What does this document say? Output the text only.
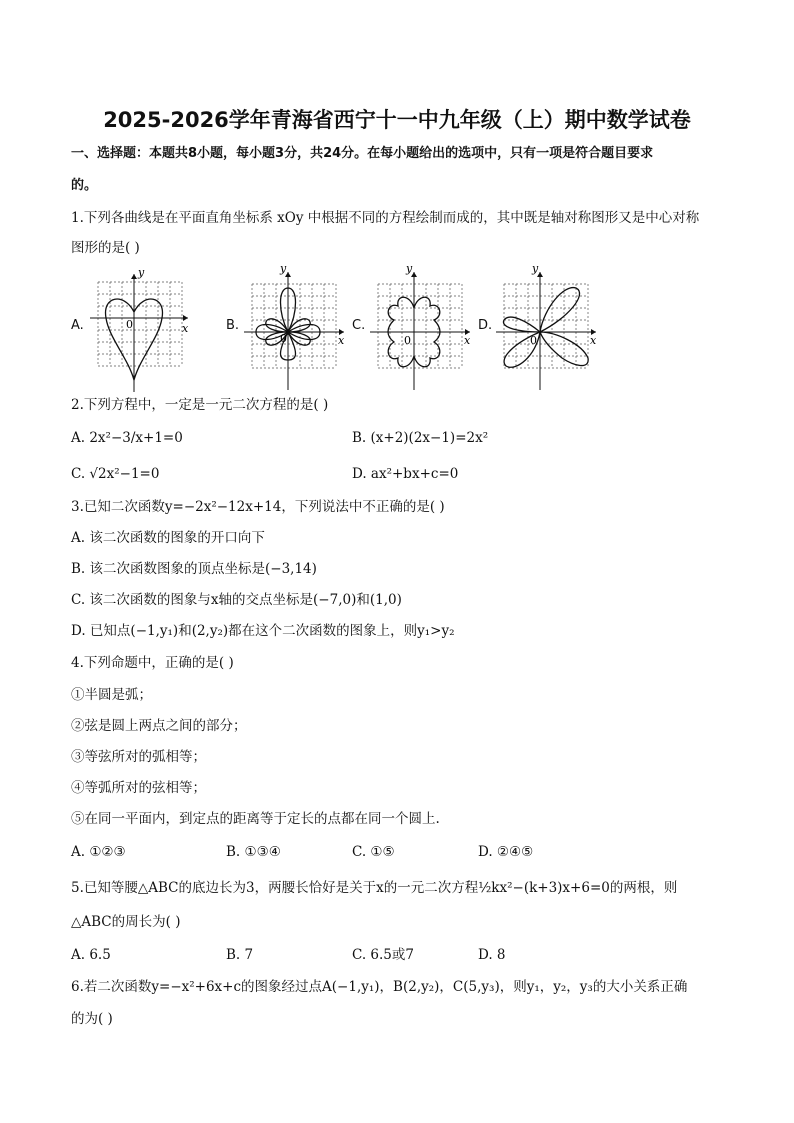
2025-2026学年青海省西宁十一中九年级（上）期中数学试卷
一、选择题：本题共8小题，每小题3分，共24分。在每小题给出的选项中，只有一项是符合题目要求
的。
1.下列各曲线是在平面直角坐标系 xOy 中根据不同的方程绘制而成的，其中既是轴对称图形又是中心对称
图形的是( )
A.
y
x
0	B.
y
x
0
C.
y
x
0
D.
y
x
0
2.下列方程中，一定是一元二次方程的是( )
A. 2x²−3/x+1=0	B. (x+2)(2x−1)=2x²
C. √2x²−1=0	D. ax²+bx+c=0
3.已知二次函数y=−2x²−12x+14，下列说法中不正确的是( )
A. 该二次函数的图象的开口向下
B. 该二次函数图象的顶点坐标是(−3,14)
C. 该二次函数的图象与x轴的交点坐标是(−7,0)和(1,0)
D. 已知点(−1,y₁)和(2,y₂)都在这个二次函数的图象上，则y₁>y₂
4.下列命题中，正确的是( )
①半圆是弧；
②弦是圆上两点之间的部分；
③等弦所对的弧相等；
④等弧所对的弦相等；
⑤在同一平面内，到定点的距离等于定长的点都在同一个圆上.
A. ①②③	B. ①③④	C. ①⑤	D. ②④⑤
5.已知等腰△ABC的底边长为3，两腰长恰好是关于x的一元二次方程½kx²−(k+3)x+6=0的两根，则
△ABC的周长为( )
A. 6.5	B. 7	C. 6.5或7	D. 8
6.若二次函数y=−x²+6x+c的图象经过点A(−1,y₁)，B(2,y₂)，C(5,y₃)，则y₁，y₂，y₃的大小关系正确
的为( )
